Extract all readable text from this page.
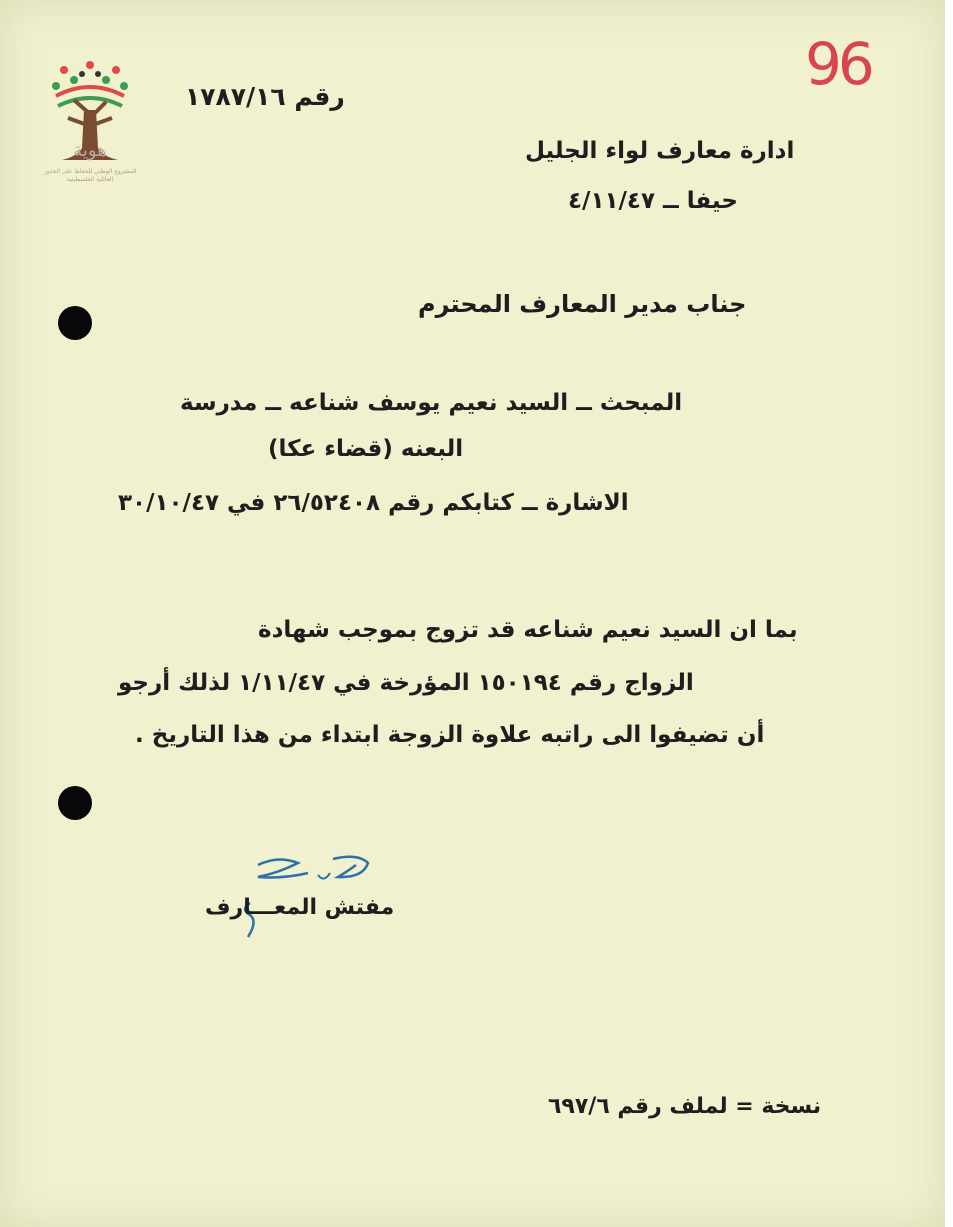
هوية
المشروع الوطني للحفاظ على الجذور العائلية الفلسطينية
96
رقم ١٧٨٧/١٦
ادارة معارف لواء الجليل
حيفا ــ ٤/١١/٤٧
جناب مدير المعارف المحترم
المبحث ــ السيد نعيم يوسف شناعه ــ مدرسة
البعنه (قضاء عكا)
الاشارة ــ كتابكم رقم ٢٦/٥٢٤٠٨ في ٣٠/١٠/٤٧
بما ان السيد نعيم شناعه قد تزوج بموجب شهادة
الزواج رقم ١٥٠١٩٤ المؤرخة في ١/١١/٤٧ لذلك أرجو
أن تضيفوا الى راتبه علاوة الزوجة ابتداء من هذا التاريخ .
مفتش المعـــارف
نسخة = لملف رقم ٦٩٧/٦
